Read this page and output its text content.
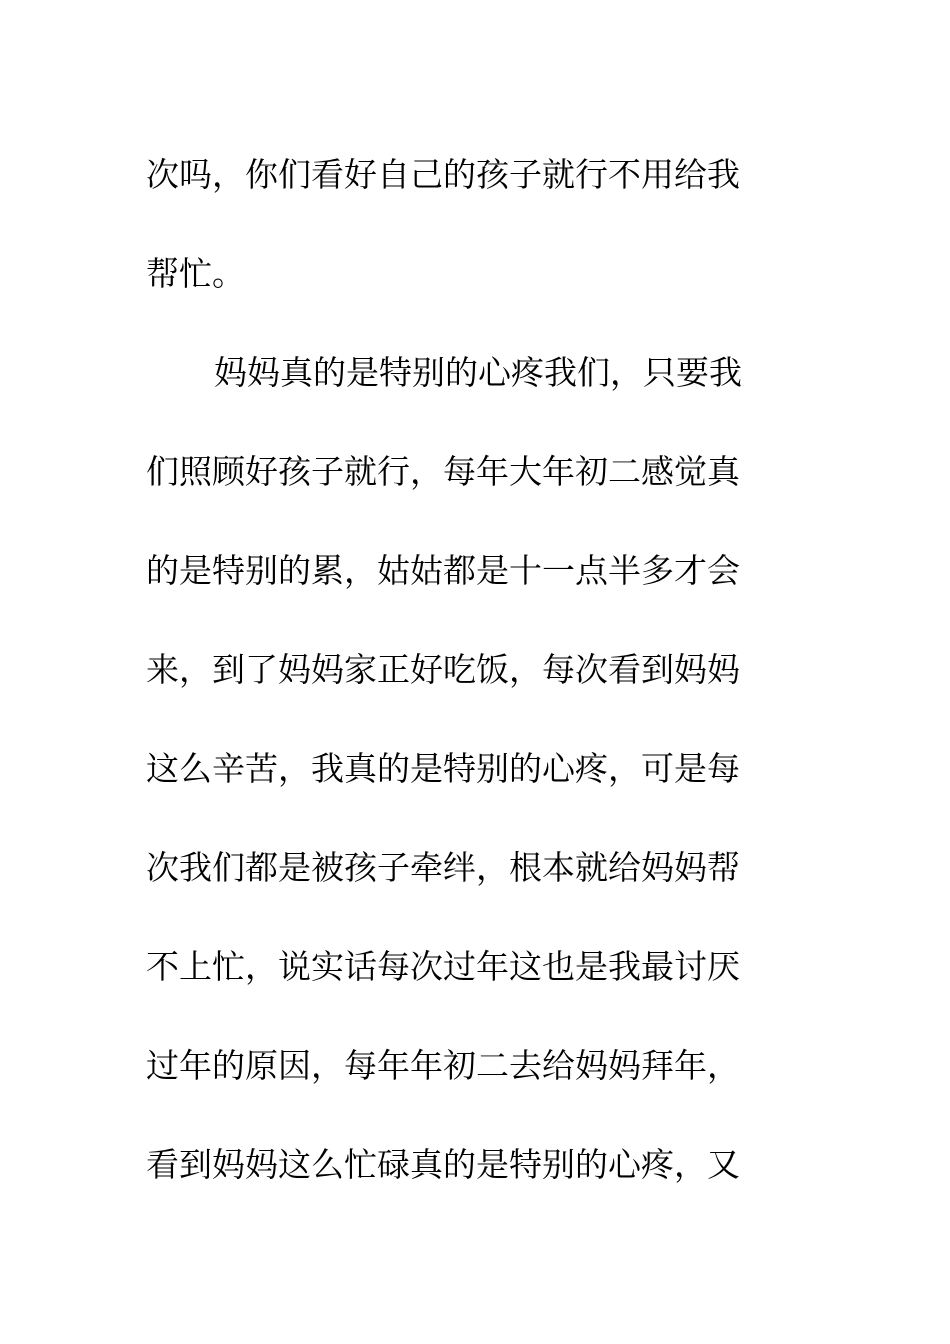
次吗，你们看好自己的孩子就行不用给我
帮忙。
妈妈真的是特别的心疼我们，只要我
们照顾好孩子就行，每年大年初二感觉真
的是特别的累，姑姑都是十一点半多才会
来，到了妈妈家正好吃饭，每次看到妈妈
这么辛苦，我真的是特别的心疼，可是每
次我们都是被孩子牵绊，根本就给妈妈帮
不上忙，说实话每次过年这也是我最讨厌
过年的原因，每年年初二去给妈妈拜年，
看到妈妈这么忙碌真的是特别的心疼，又
